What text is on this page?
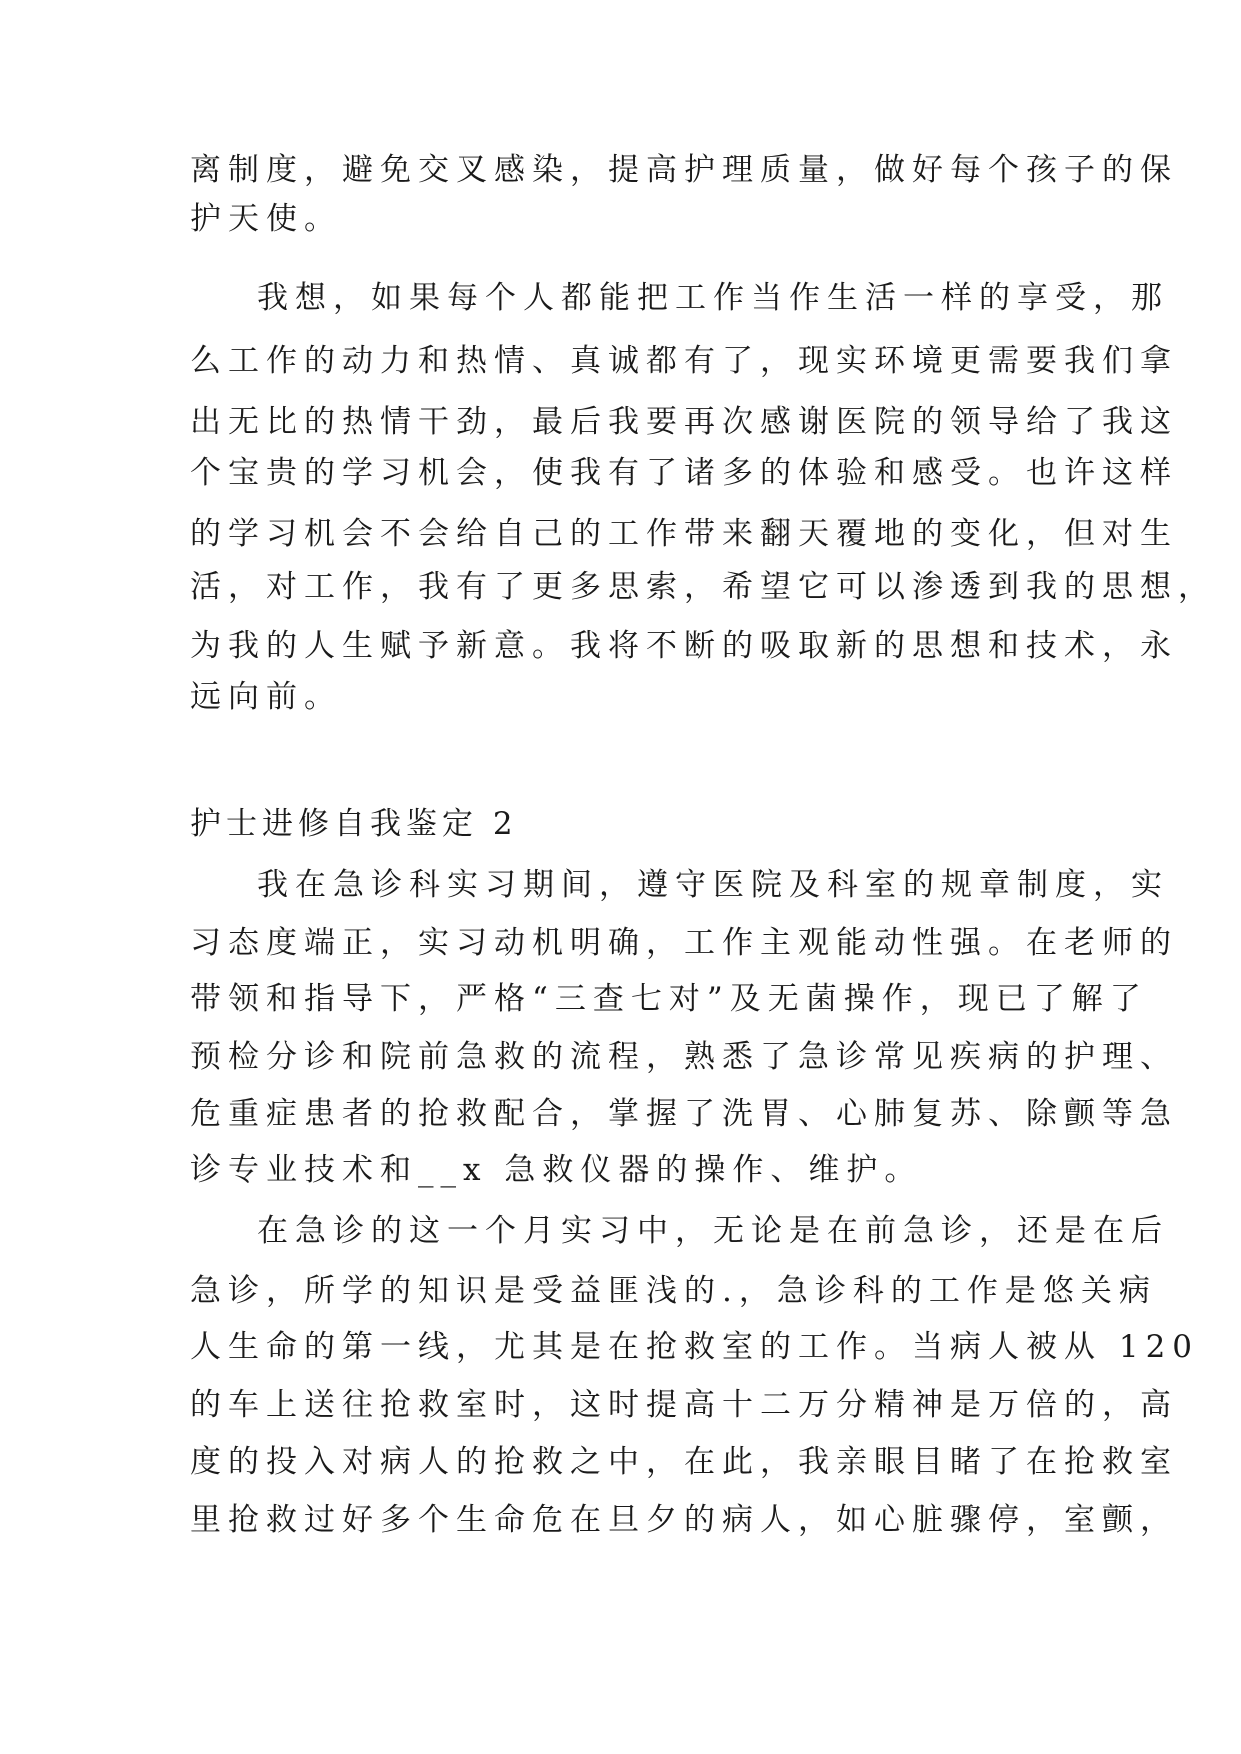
离制度，避免交叉感染，提高护理质量，做好每个孩子的保
护天使。
我想，如果每个人都能把工作当作生活一样的享受，那
么工作的动力和热情、真诚都有了，现实环境更需要我们拿
出无比的热情干劲，最后我要再次感谢医院的领导给了我这
个宝贵的学习机会，使我有了诸多的体验和感受。也许这样
的学习机会不会给自己的工作带来翻天覆地的变化，但对生
活，对工作，我有了更多思索，希望它可以渗透到我的思想，
为我的人生赋予新意。我将不断的吸取新的思想和技术，永
远向前。
护士进修自我鉴定 2
我在急诊科实习期间，遵守医院及科室的规章制度，实
习态度端正，实习动机明确，工作主观能动性强。在老师的
带领和指导下，严格“三查七对”及无菌操作，现已了解了
预检分诊和院前急救的流程，熟悉了急诊常见疾病的护理、
危重症患者的抢救配合，掌握了洗胃、心肺复苏、除颤等急
诊专业技术和__x 急救仪器的操作、维护。
在急诊的这一个月实习中，无论是在前急诊，还是在后
急诊，所学的知识是受益匪浅的.，急诊科的工作是悠关病
人生命的第一线，尤其是在抢救室的工作。当病人被从 120
的车上送往抢救室时，这时提高十二万分精神是万倍的，高
度的投入对病人的抢救之中，在此，我亲眼目睹了在抢救室
里抢救过好多个生命危在旦夕的病人，如心脏骤停，室颤，
